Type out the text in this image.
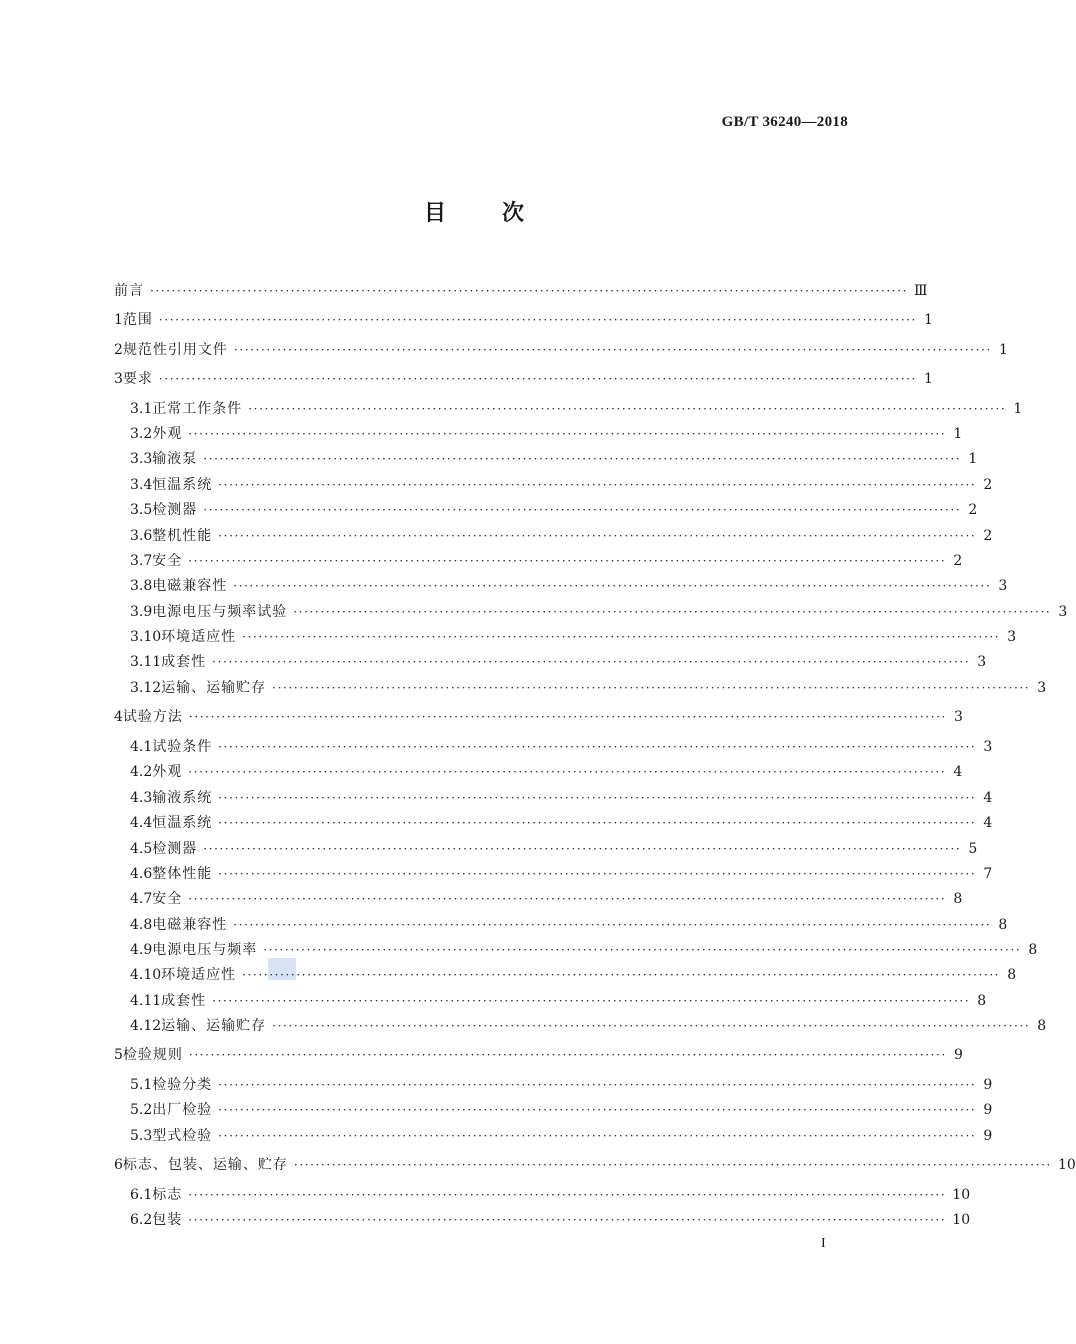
GB/T 36240—2018
目 次
前言 ············································································································································ Ⅲ
1 范围 ············································································································································ 1
2 规范性引用文件 ············································································································································ 1
3 要求 ············································································································································ 1
3.1 正常工作条件 ············································································································································ 1
3.2 外观 ············································································································································ 1
3.3 输液泵 ············································································································································ 1
3.4 恒温系统 ············································································································································ 2
3.5 检测器 ············································································································································ 2
3.6 整机性能 ············································································································································ 2
3.7 安全 ············································································································································ 2
3.8 电磁兼容性 ············································································································································ 3
3.9 电源电压与频率试验 ············································································································································ 3
3.10 环境适应性 ············································································································································ 3
3.11 成套性 ············································································································································ 3
3.12 运输、运输贮存 ············································································································································ 3
4 试验方法 ············································································································································ 3
4.1 试验条件 ············································································································································ 3
4.2 外观 ············································································································································ 4
4.3 输液系统 ············································································································································ 4
4.4 恒温系统 ············································································································································ 4
4.5 检测器 ············································································································································ 5
4.6 整体性能 ············································································································································ 7
4.7 安全 ············································································································································ 8
4.8 电磁兼容性 ············································································································································ 8
4.9 电源电压与频率 ············································································································································ 8
4.10 环境适应性 ············································································································································ 8
4.11 成套性 ············································································································································ 8
4.12 运输、运输贮存 ············································································································································ 8
5 检验规则 ············································································································································ 9
5.1 检验分类 ············································································································································ 9
5.2 出厂检验 ············································································································································ 9
5.3 型式检验 ············································································································································ 9
6 标志、包装、运输、贮存 ············································································································································ 10
6.1 标志 ············································································································································ 10
6.2 包装 ············································································································································ 10
I
